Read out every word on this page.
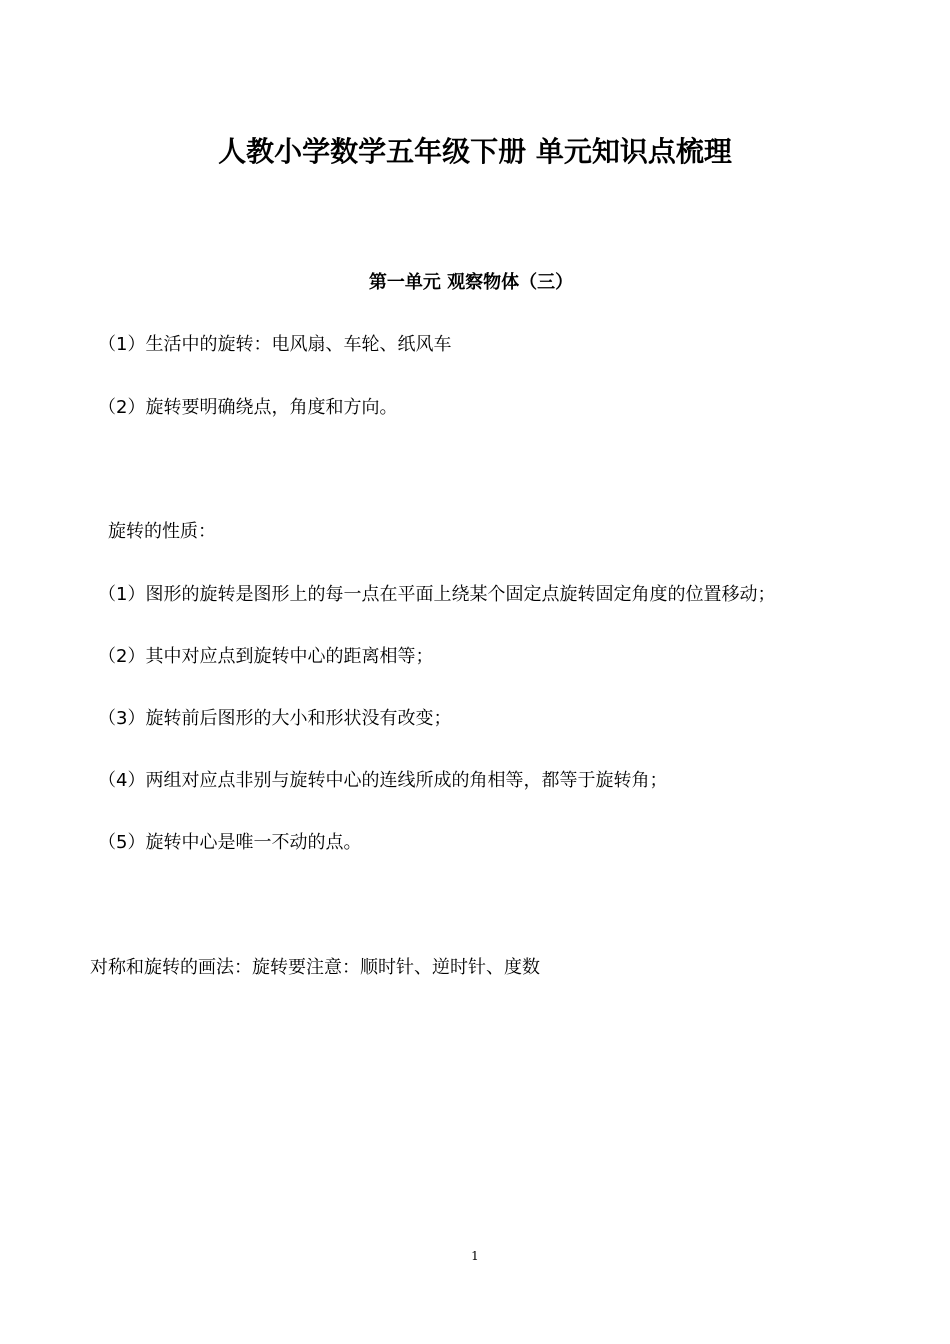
人教小学数学五年级下册 单元知识点梳理
第一单元 观察物体（三）
（1）生活中的旋转：电风扇、车轮、纸风车
（2）旋转要明确绕点，角度和方向。
旋转的性质：
（1）图形的旋转是图形上的每一点在平面上绕某个固定点旋转固定角度的位置移动；
（2）其中对应点到旋转中心的距离相等；
（3）旋转前后图形的大小和形状没有改变；
（4）两组对应点非别与旋转中心的连线所成的角相等，都等于旋转角；
（5）旋转中心是唯一不动的点。
对称和旋转的画法：旋转要注意：顺时针、逆时针、度数
1
